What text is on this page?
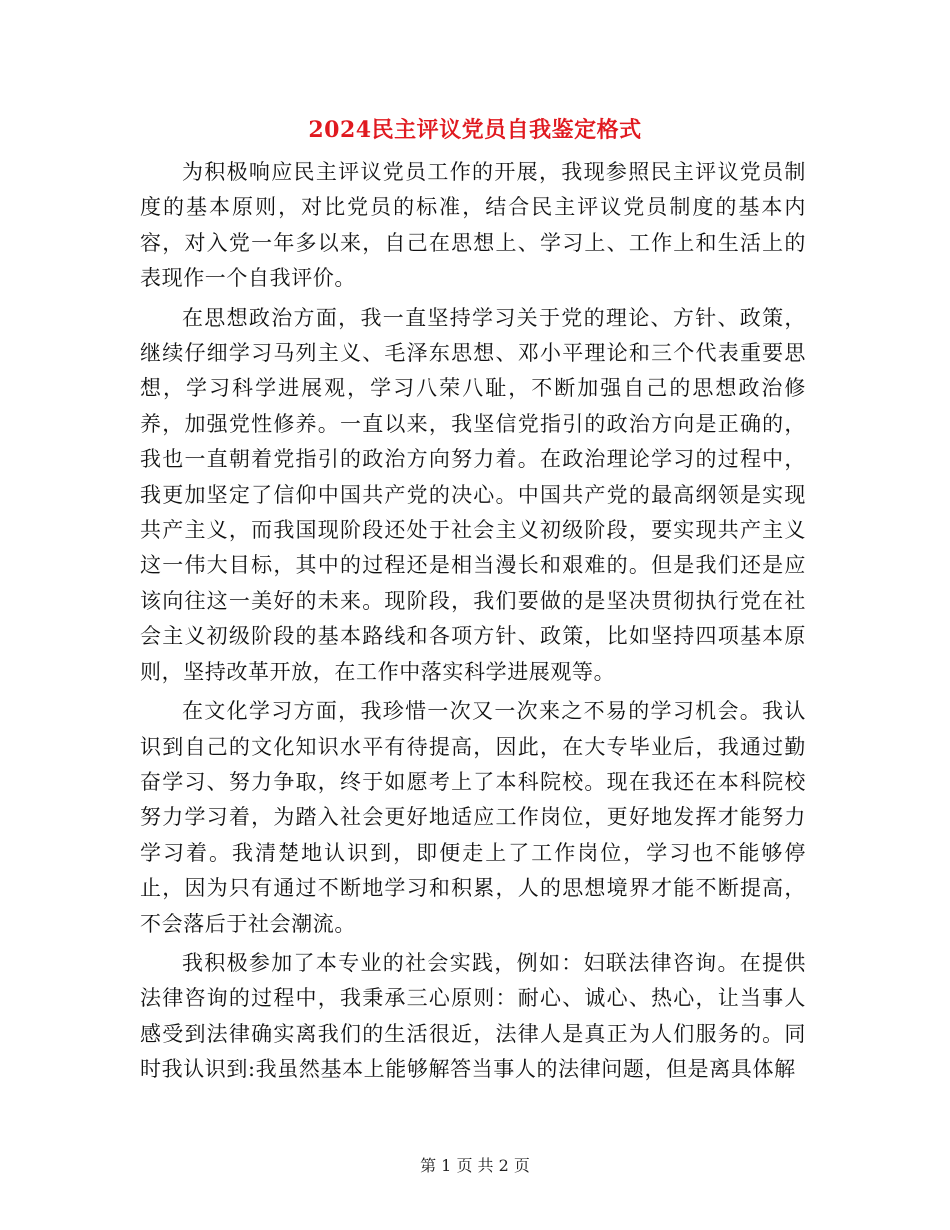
2024民主评议党员自我鉴定格式

为积极响应民主评议党员工作的开展，我现参照民主评议党员制度的基本原则，对比党员的标准，结合民主评议党员制度的基本内容，对入党一年多以来，自己在思想上、学习上、工作上和生活上的表现作一个自我评价。

在思想政治方面，我一直坚持学习关于党的理论、方针、政策，继续仔细学习马列主义、毛泽东思想、邓小平理论和三个代表重要思想，学习科学进展观，学习八荣八耻，不断加强自己的思想政治修养，加强党性修养。一直以来，我坚信党指引的政治方向是正确的，我也一直朝着党指引的政治方向努力着。在政治理论学习的过程中，我更加坚定了信仰中国共产党的决心。中国共产党的最高纲领是实现共产主义，而我国现阶段还处于社会主义初级阶段，要实现共产主义这一伟大目标，其中的过程还是相当漫长和艰难的。但是我们还是应该向往这一美好的未来。现阶段，我们要做的是坚决贯彻执行党在社会主义初级阶段的基本路线和各项方针、政策，比如坚持四项基本原则，坚持改革开放，在工作中落实科学进展观等。

在文化学习方面，我珍惜一次又一次来之不易的学习机会。我认识到自己的文化知识水平有待提高，因此，在大专毕业后，我通过勤奋学习、努力争取，终于如愿考上了本科院校。现在我还在本科院校努力学习着，为踏入社会更好地适应工作岗位，更好地发挥才能努力学习着。我清楚地认识到，即便走上了工作岗位，学习也不能够停止，因为只有通过不断地学习和积累，人的思想境界才能不断提高，不会落后于社会潮流。

我积极参加了本专业的社会实践，例如：妇联法律咨询。在提供法律咨询的过程中，我秉承三心原则：耐心、诚心、热心，让当事人感受到法律确实离我们的生活很近，法律人是真正为人们服务的。同时我认识到:我虽然基本上能够解答当事人的法律问题，但是离具体解

第 1 页 共 2 页
